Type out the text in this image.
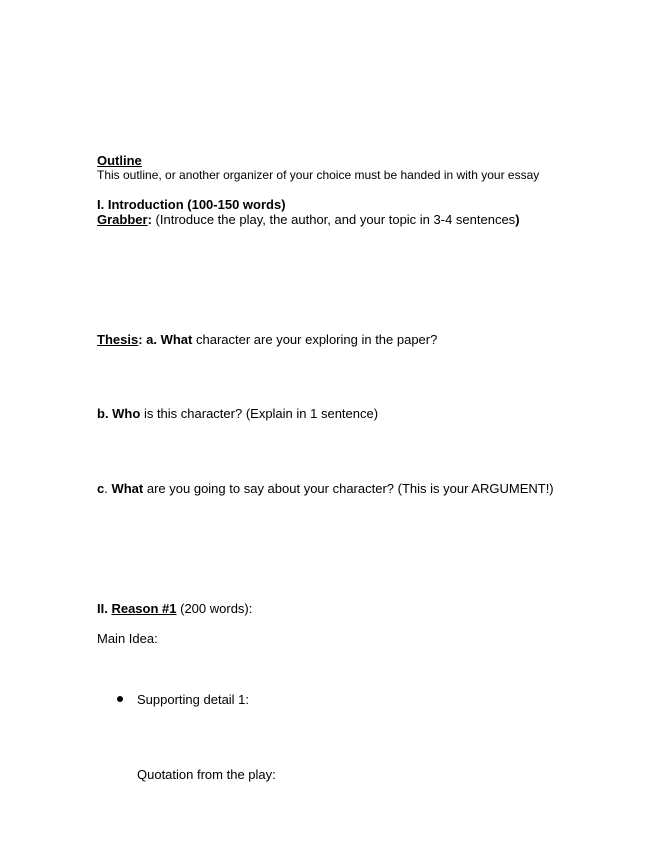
Outline
This outline, or another organizer of your choice must be handed in with your essay
I. Introduction (100-150 words)
Grabber: (Introduce the play, the author, and your topic in 3-4 sentences)
Thesis: a. What character are your exploring in the paper?
b. Who is this character? (Explain in 1 sentence)
c. What are you going to say about your character? (This is your ARGUMENT!)
II. Reason #1 (200 words):
Main Idea:
Supporting detail 1:
Quotation from the play:
